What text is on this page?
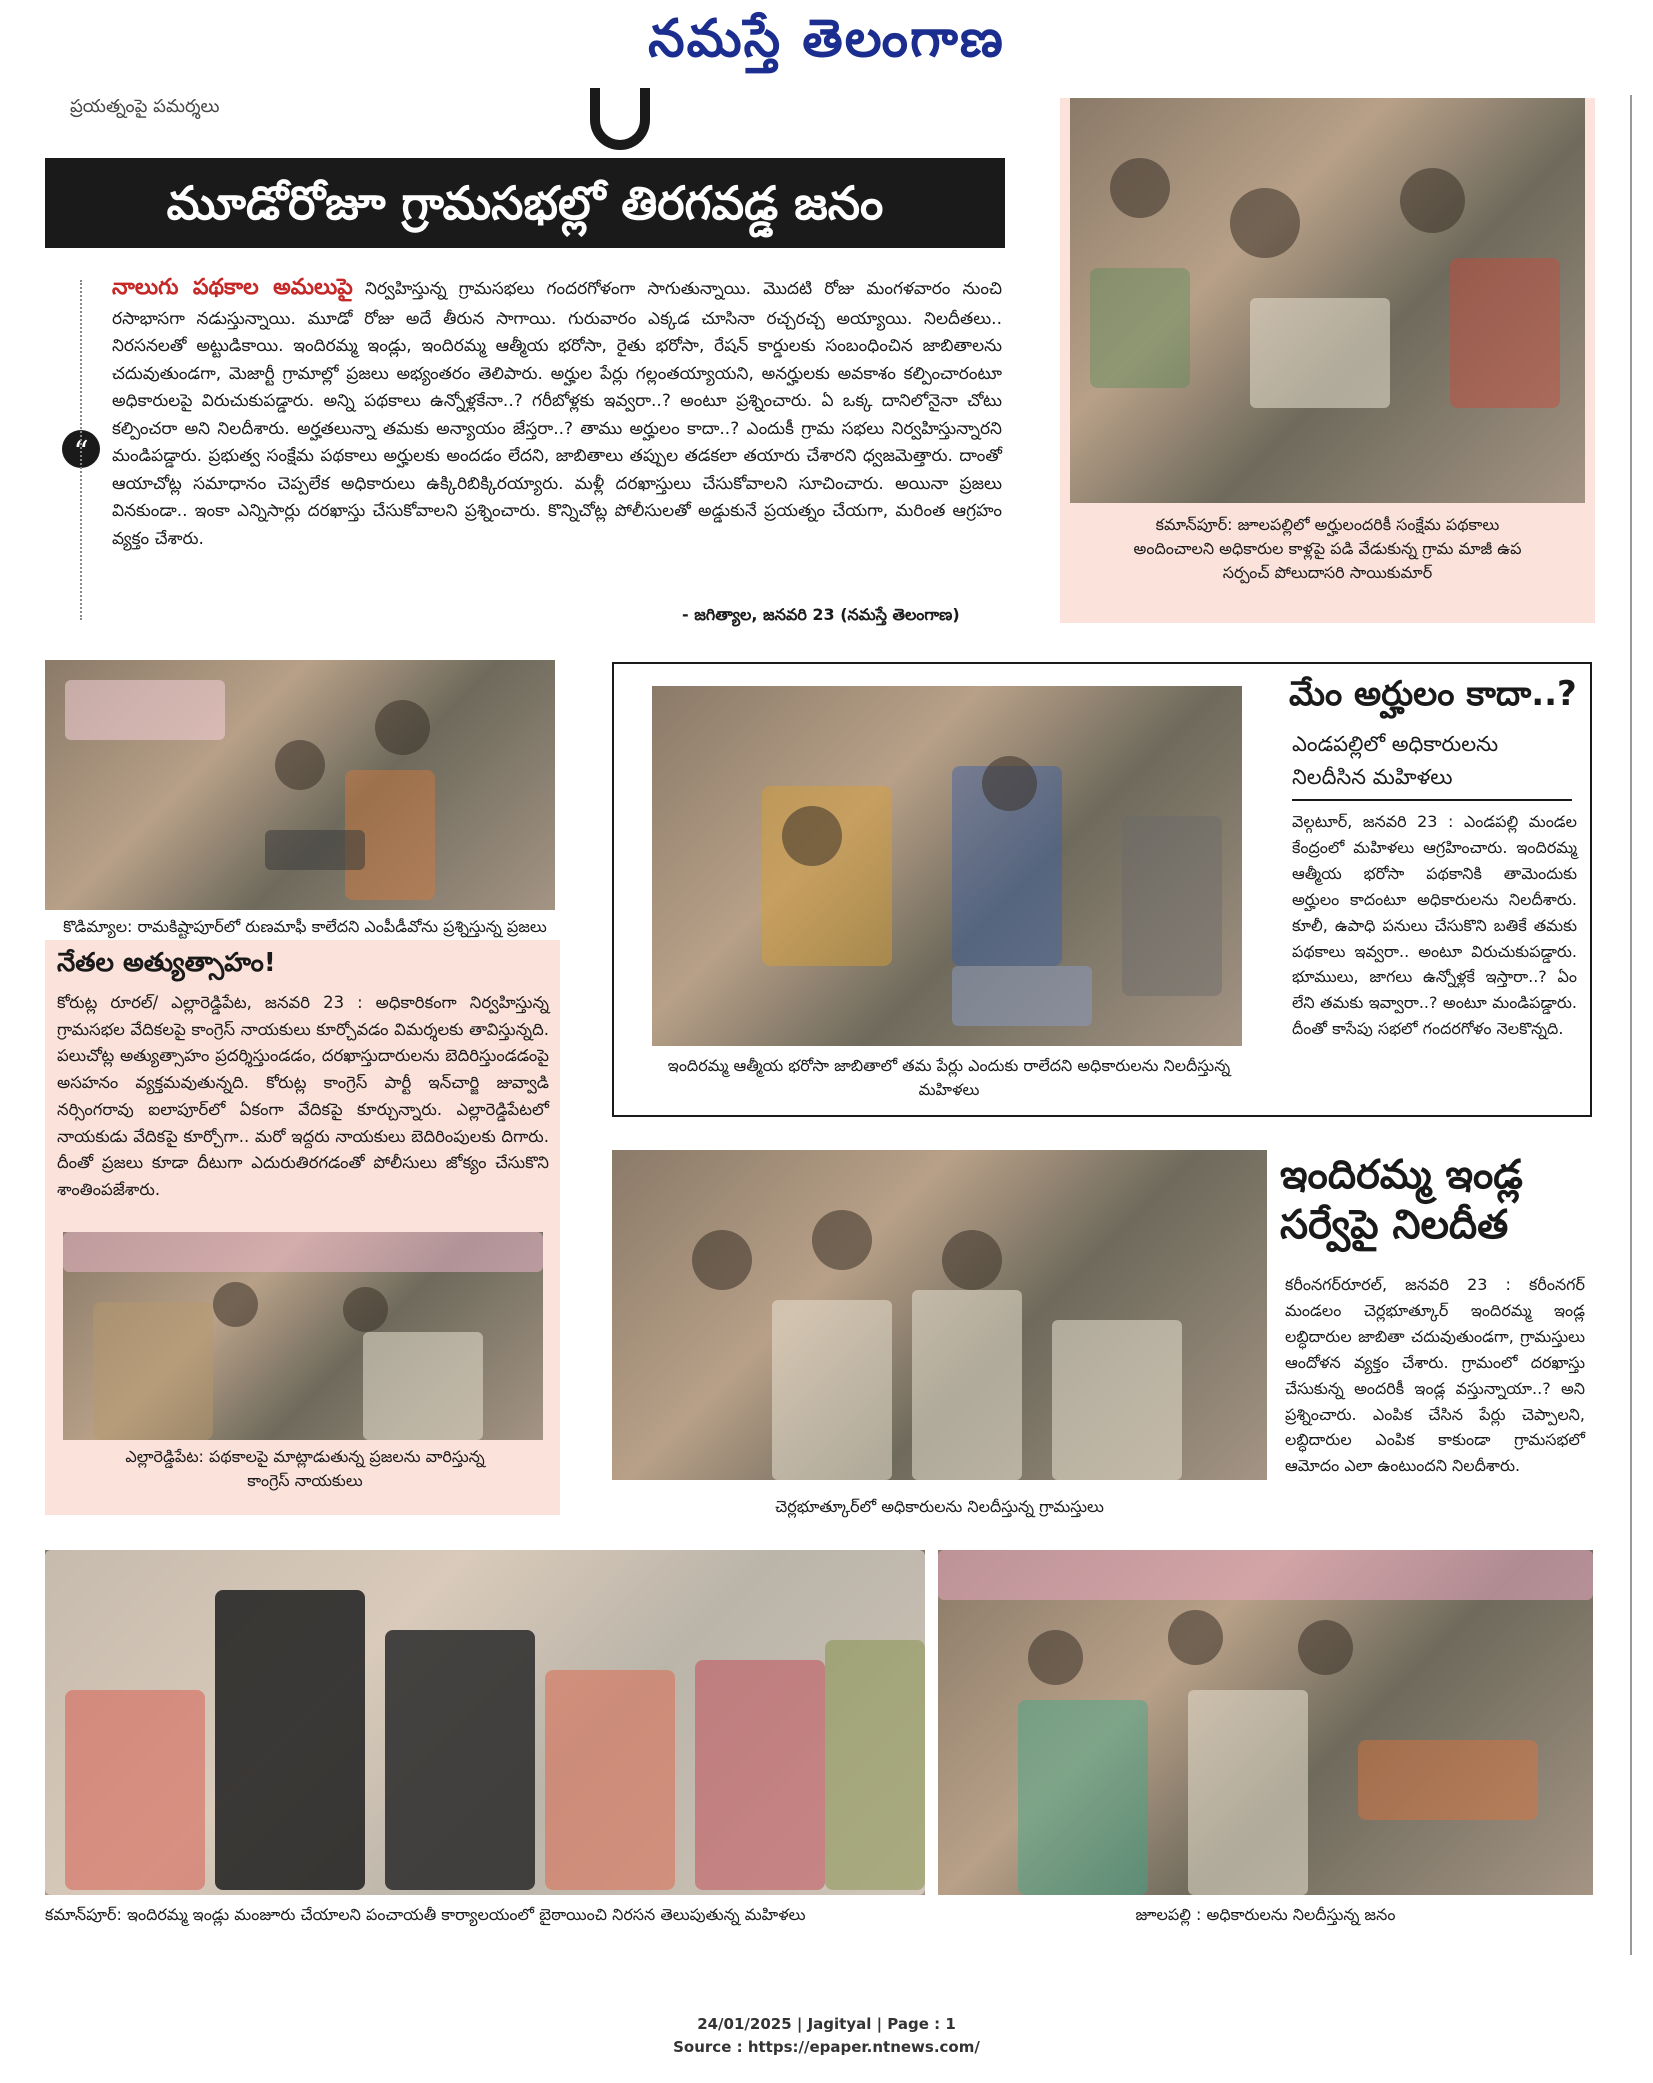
నమస్తే తెలంగాణ
ప్రయత్నంపై పమర్శలు
మూడోరోజూ గ్రామసభల్లో తిరగవడ్డ జనం
“
నాలుగు పథకాల అమలుపై నిర్వహిస్తున్న గ్రామసభలు గందరగోళంగా సాగుతున్నాయి. మొదటి రోజు మంగళవారం నుంచి రసాభాసగా నడుస్తున్నాయి. మూడో రోజు అదే తీరున సాగాయి. గురువారం ఎక్కడ చూసినా రచ్చరచ్చ అయ్యాయి. నిలదీతలు.. నిరసనలతో అట్టుడికాయి. ఇందిరమ్మ ఇండ్లు, ఇందిరమ్మ ఆత్మీయ భరోసా, రైతు భరోసా, రేషన్ కార్డులకు సంబంధించిన జాబితాలను చదువుతుండగా, మెజార్టీ గ్రామాల్లో ప్రజలు అభ్యంతరం తెలిపారు. అర్హుల పేర్లు గల్లంతయ్యాయని, అనర్హులకు అవకాశం కల్పించారంటూ అధికారులపై విరుచుకుపడ్డారు. అన్ని పథకాలు ఉన్నోళ్లకేనా..? గరీబోళ్లకు ఇవ్వరా..? అంటూ ప్రశ్నించారు. ఏ ఒక్క దానిలోనైనా చోటు కల్పించరా అని నిలదీశారు. అర్హతలున్నా తమకు అన్యాయం జేస్తరా..? తాము అర్హులం కాదా..? ఎందుకీ గ్రామ సభలు నిర్వహిస్తున్నారని మండిపడ్డారు. ప్రభుత్వ సంక్షేమ పథకాలు అర్హులకు అందడం లేదని, జాబితాలు తప్పుల తడకలా తయారు చేశారని ధ్వజమెత్తారు. దాంతో ఆయాచోట్ల సమాధానం చెప్పలేక అధికారులు ఉక్కిరిబిక్కిరయ్యారు. మళ్లీ దరఖాస్తులు చేసుకోవాలని సూచించారు. అయినా ప్రజలు వినకుండా.. ఇంకా ఎన్నిసార్లు దరఖాస్తు చేసుకోవాలని ప్రశ్నించారు. కొన్నిచోట్ల పోలీసులతో అడ్డుకునే ప్రయత్నం చేయగా, మరింత ఆగ్రహం వ్యక్తం చేశారు.
- జగిత్యాల, జనవరి 23 (నమస్తే తెలంగాణ)
కమాన్‌పూర్: జూలపల్లిలో అర్హులందరికీ సంక్షేమ పథకాలు అందించాలని అధికారుల కాళ్లపై పడి వేడుకున్న గ్రామ మాజీ ఉప సర్పంచ్ పోలుదాసరి సాయికుమార్
కొడిమ్యాల: రామకిష్టాపూర్‌లో రుణమాఫీ కాలేదని ఎంపీడీవోను ప్రశ్నిస్తున్న ప్రజలు
నేతల అత్యుత్సాహం!
కోరుట్ల రూరల్/ ఎల్లారెడ్డిపేట, జనవరి 23 : అధికారికంగా నిర్వహిస్తున్న గ్రామసభల వేదికలపై కాంగ్రెస్ నాయకులు కూర్చోవడం విమర్శలకు తావిస్తున్నది. పలుచోట్ల అత్యుత్సాహం ప్రదర్శిస్తుండడం, దరఖాస్తుదారులను బెదిరిస్తుండడంపై అసహనం వ్యక్తమవుతున్నది. కోరుట్ల కాంగ్రెస్ పార్టీ ఇన్‌చార్జి జువ్వాడి నర్సింగరావు ఐలాపూర్‌లో ఏకంగా వేదికపై కూర్చున్నారు. ఎల్లారెడ్డిపేటలో నాయకుడు వేదికపై కూర్చో‌గా.. మరో ఇద్దరు నాయకులు బెదిరింపులకు దిగారు. దీంతో ప్రజలు కూడా దీటుగా ఎదురుతిరగడంతో పోలీసులు జోక్యం చేసుకొని శాంతింపజేశారు.
ఎల్లారెడ్డిపేట: పథకాలపై మాట్లాడుతున్న ప్రజలను వారిస్తున్న కాంగ్రెస్ నాయకులు
ఇందిరమ్మ ఆత్మీయ భరోసా జాబితాలో తమ పేర్లు ఎందుకు రాలేదని అధికారులను నిలదీస్తున్న మహిళలు
మేం అర్హులం కాదా..?
ఎండపల్లిలో అధికారులను నిలదీసిన మహిళలు
వెల్గటూర్, జనవరి 23 : ఎండపల్లి మండల కేంద్రంలో మహిళలు ఆగ్రహించారు. ఇందిరమ్మ ఆత్మీయ భరోసా పథకానికి తామెందుకు అర్హులం కాదంటూ అధికారులను నిలదీశారు. కూలీ, ఉపాధి పనులు చేసుకొని బతికే తమకు పథకాలు ఇవ్వరా.. అంటూ విరుచుకుపడ్డారు. భూములు, జాగలు ఉన్నోళ్లకే ఇస్తారా..? ఏం లేని తమకు ఇవ్వారా..? అంటూ మండిపడ్డారు. దీంతో కాసేపు సభలో గందరగోళం నెలకొన్నది.
చెర్లభూత్కూర్‌లో అధికారులను నిలదీస్తున్న గ్రామస్తులు
ఇందిరమ్మ ఇండ్ల సర్వేపై నిలదీత
కరీంనగర్‌రూరల్, జనవరి 23 : కరీంనగర్ మండలం చెర్లభూత్కూర్ ఇందిరమ్మ ఇండ్ల లబ్ధిదారుల జాబితా చదువుతుండగా, గ్రామస్తులు ఆందోళన వ్యక్తం చేశారు. గ్రామంలో దరఖాస్తు చేసుకున్న అందరికీ ఇండ్ల వస్తున్నాయా..? అని ప్రశ్నించారు. ఎంపిక చేసిన పేర్లు చెప్పాలని, లబ్ధిదారుల ఎంపిక కాకుండా గ్రామసభలో ఆమోదం ఎలా ఉంటుందని నిలదీశారు.
కమాన్‌పూర్: ఇందిరమ్మ ఇండ్లు మంజూరు చేయాలని పంచాయతీ కార్యాలయంలో బైఠాయించి నిరసన తెలుపుతున్న మహిళలు	జూలపల్లి : అధికారులను నిలదీస్తున్న జనం
24/01/2025 | Jagityal | Page : 1
Source : https://epaper.ntnews.com/
